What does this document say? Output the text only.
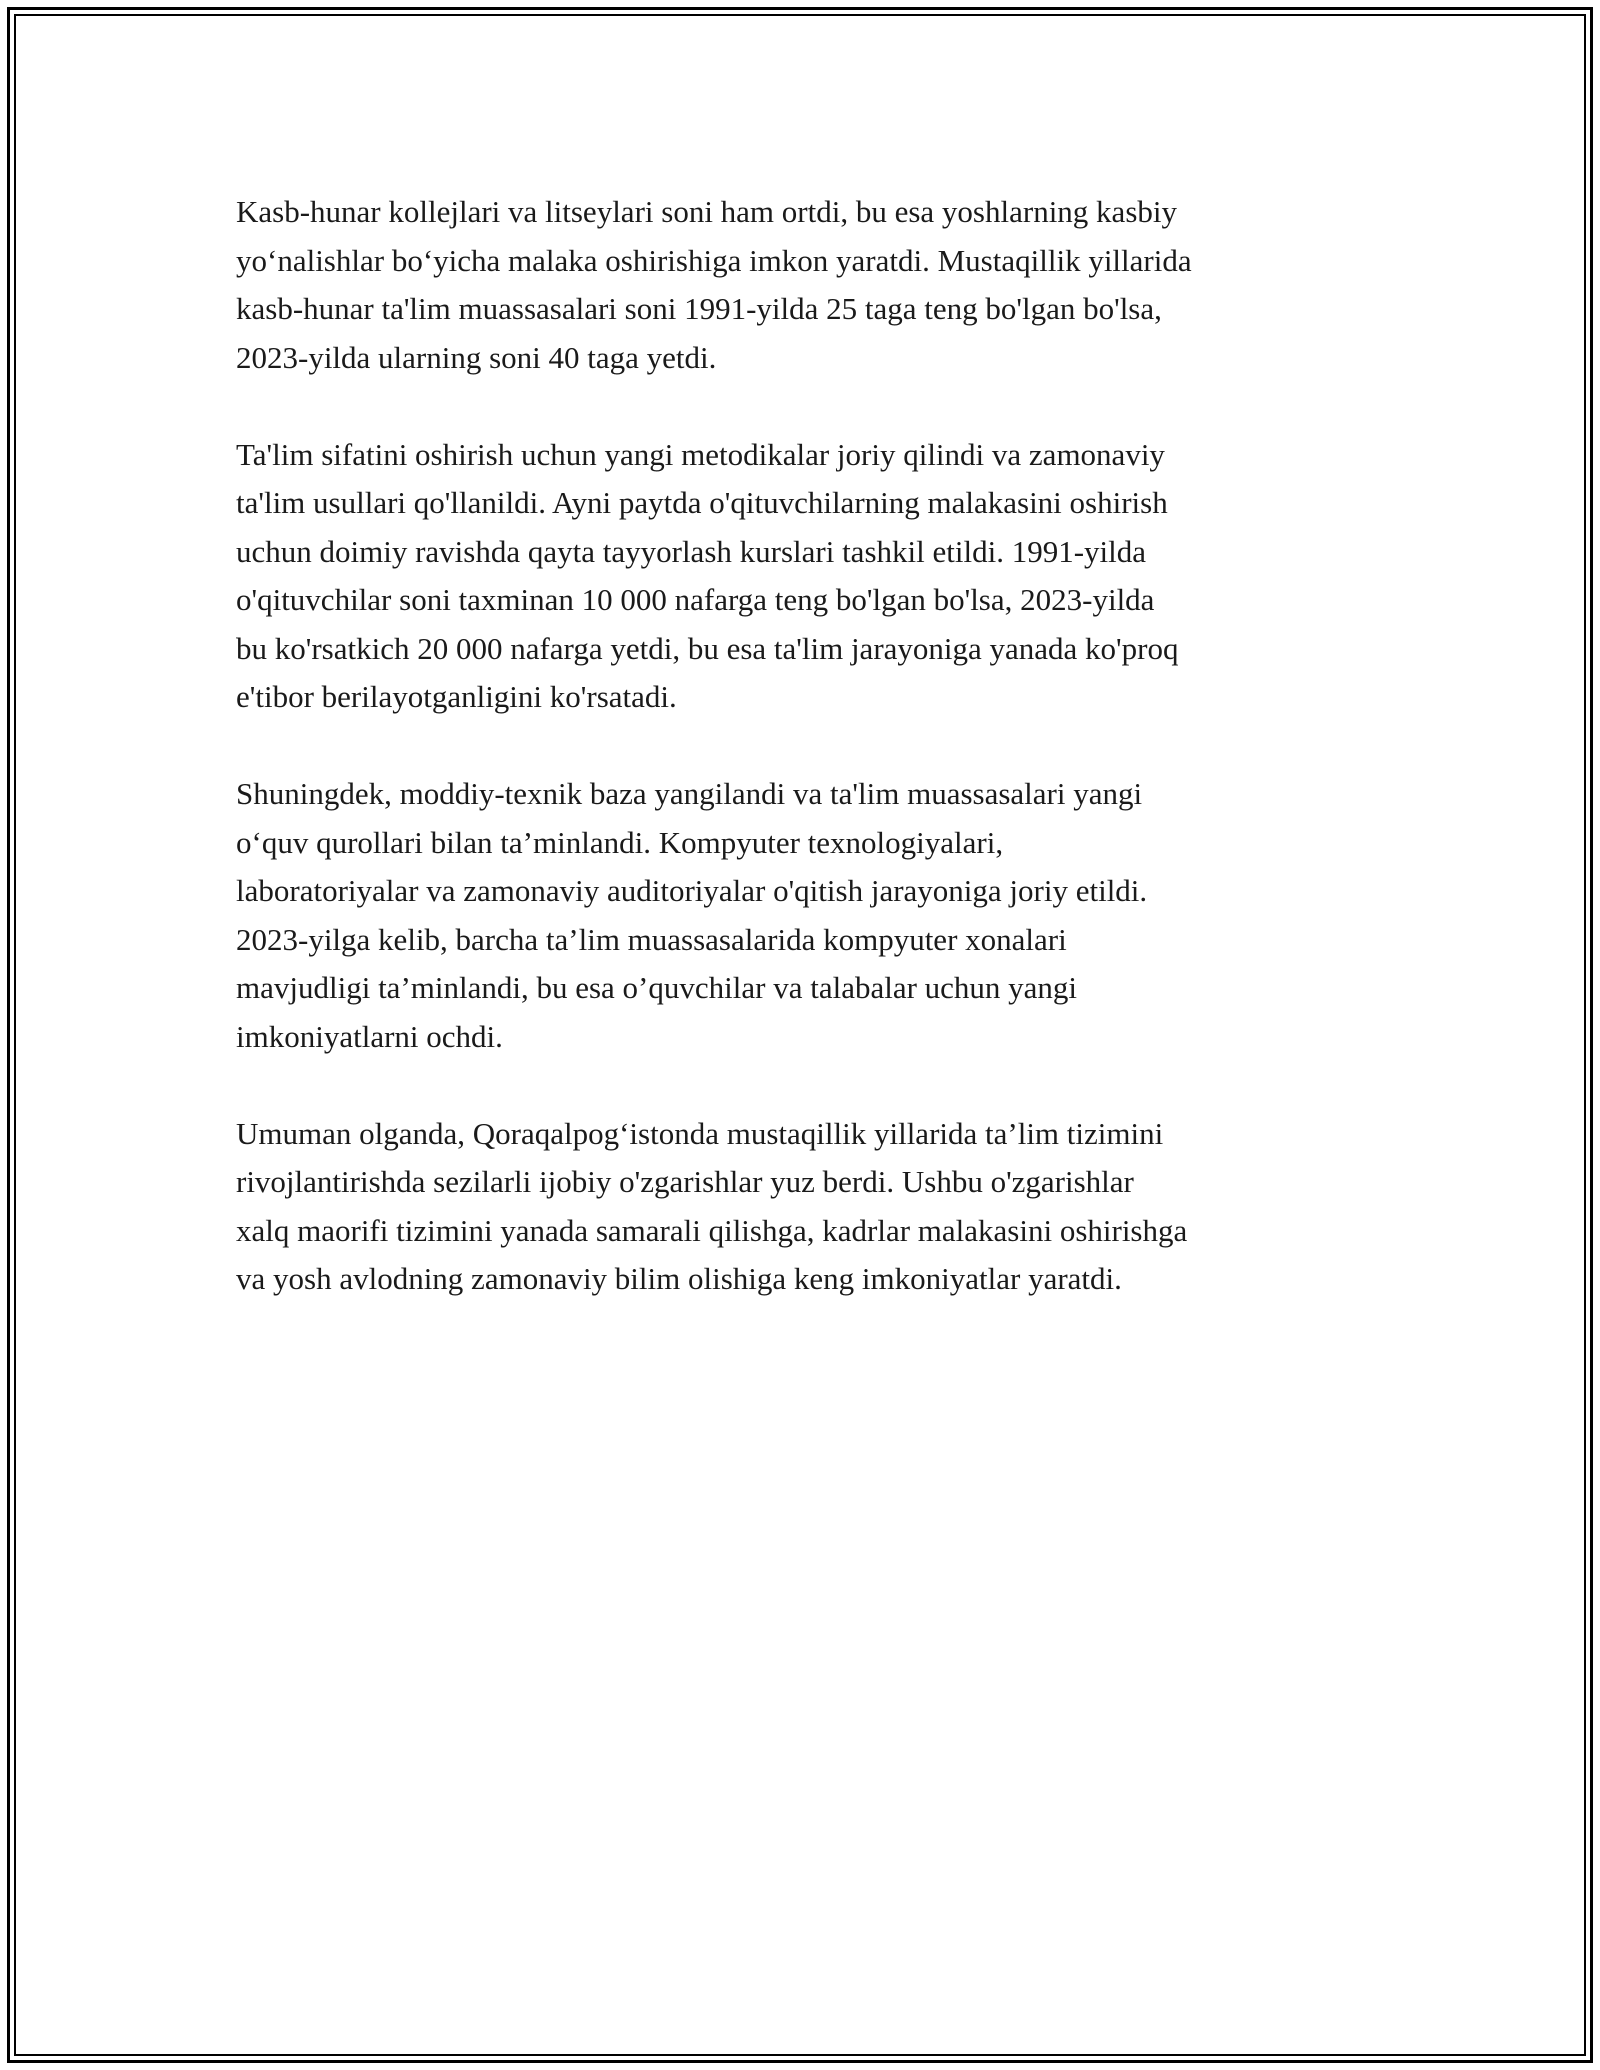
Kasb-hunar kollejlari va litseylari soni ham ortdi, bu esa yoshlarning kasbiy
yo‘nalishlar bo‘yicha malaka oshirishiga imkon yaratdi. Mustaqillik yillarida
kasb-hunar ta'lim muassasalari soni 1991-yilda 25 taga teng bo'lgan bo'lsa,
2023-yilda ularning soni 40 taga yetdi.

Ta'lim sifatini oshirish uchun yangi metodikalar joriy qilindi va zamonaviy
ta'lim usullari qo'llanildi. Ayni paytda o'qituvchilarning malakasini oshirish
uchun doimiy ravishda qayta tayyorlash kurslari tashkil etildi. 1991-yilda
o'qituvchilar soni taxminan 10 000 nafarga teng bo'lgan bo'lsa, 2023-yilda
bu ko'rsatkich 20 000 nafarga yetdi, bu esa ta'lim jarayoniga yanada ko'proq
e'tibor berilayotganligini ko'rsatadi.

Shuningdek, moddiy-texnik baza yangilandi va ta'lim muassasalari yangi
o‘quv qurollari bilan ta’minlandi. Kompyuter texnologiyalari,
laboratoriyalar va zamonaviy auditoriyalar o'qitish jarayoniga joriy etildi.
2023-yilga kelib, barcha ta’lim muassasalarida kompyuter xonalari
mavjudligi ta’minlandi, bu esa o’quvchilar va talabalar uchun yangi
imkoniyatlarni ochdi.

Umuman olganda, Qoraqalpog‘istonda mustaqillik yillarida ta’lim tizimini
rivojlantirishda sezilarli ijobiy o'zgarishlar yuz berdi. Ushbu o'zgarishlar
xalq maorifi tizimini yanada samarali qilishga, kadrlar malakasini oshirishga
va yosh avlodning zamonaviy bilim olishiga keng imkoniyatlar yaratdi.
